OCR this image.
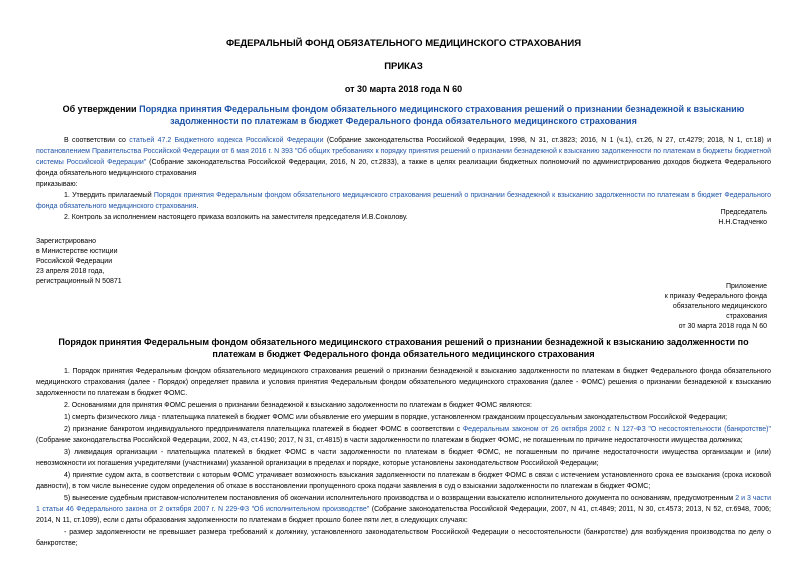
ФЕДЕРАЛЬНЫЙ ФОНД ОБЯЗАТЕЛЬНОГО МЕДИЦИНСКОГО СТРАХОВАНИЯ
ПРИКАЗ
от 30 марта 2018 года N 60
Об утверждении Порядка принятия Федеральным фондом обязательного медицинского страхования решений о признании безнадежной к взысканию задолженности по платежам в бюджет Федерального фонда обязательного медицинского страхования

В соответствии со статьей 47.2 Бюджетного кодекса Российской Федерации (Собрание законодательства Российской Федерации, 1998, N 31, ст.3823; 2016, N 1 (ч.1), ст.26, N 27, ст.4279; 2018, N 1, ст.18) и постановлением Правительства Российской Федерации от 6 мая 2016 г. N 393 "Об общих требованиях к порядку принятия решений о признании безнадежной к взысканию задолженности по платежам в бюджеты бюджетной системы Российской Федерации" (Собрание законодательства Российской Федерации, 2016, N 20, ст.2833), а также в целях реализации бюджетных полномочий по администрированию доходов бюджета Федерального фонда обязательного медицинского страхования

приказываю:

1. Утвердить прилагаемый Порядок принятия Федеральным фондом обязательного медицинского страхования решений о признании безнадежной к взысканию задолженности по платежам в бюджет Федерального фонда обязательного медицинского страхования.

2. Контроль за исполнением настоящего приказа возложить на заместителя председателя И.В.Соколову.

Председатель
Н.Н.Стадченко
Зарегистрировано
в Министерстве юстиции
Российской Федерации
23 апреля 2018 года,
регистрационный N 50871
Приложение
к приказу Федерального фонда
обязательного медицинского
страхования
от 30 марта 2018 года N 60
Порядок принятия Федеральным фондом обязательного медицинского страхования решений о признании безнадежной к взысканию задолженности по платежам в бюджет Федерального фонда обязательного медицинского страхования

1. Порядок принятия Федеральным фондом обязательного медицинского страхования решений о признании безнадежной к взысканию задолженности по платежам в бюджет Федерального фонда обязательного медицинского страхования (далее - Порядок) определяет правила и условия принятия Федеральным фондом обязательного медицинского страхования (далее - ФОМС) решения о признании безнадежной к взысканию задолженности по платежам в бюджет ФОМС.

2. Основаниями для принятия ФОМС решения о признании безнадежной к взысканию задолженности по платежам в бюджет ФОМС являются:

1) смерть физического лица - плательщика платежей в бюджет ФОМС или объявление его умершим в порядке, установленном гражданским процессуальным законодательством Российской Федерации;

2) признание банкротом индивидуального предпринимателя плательщика платежей в бюджет ФОМС в соответствии с Федеральным законом от 26 октября 2002 г. N 127-ФЗ "О несостоятельности (банкротстве)" (Собрание законодательства Российской Федерации, 2002, N 43, ст.4190; 2017, N 31, ст.4815) в части задолженности по платежам в бюджет ФОМС, не погашенным по причине недостаточности имущества должника;

3) ликвидация организации - плательщика платежей в бюджет ФОМС в части задолженности по платежам в бюджет ФОМС, не погашенным по причине недостаточности имущества организации и (или) невозможности их погашения учредителями (участниками) указанной организации в пределах и порядке, которые установлены законодательством Российской Федерации;

4) принятие судом акта, в соответствии с которым ФОМС утрачивает возможность взыскания задолженности по платежам в бюджет ФОМС в связи с истечением установленного срока ее взыскания (срока исковой давности), в том числе вынесение судом определения об отказе в восстановлении пропущенного срока подачи заявления в суд о взыскании задолженности по платежам в бюджет ФОМС;

5) вынесение судебным приставом-исполнителем постановления об окончании исполнительного производства и о возвращении взыскателю исполнительного документа по основаниям, предусмотренным 2 и 3 части 1 статьи 46 Федерального закона от 2 октября 2007 г. N 229-ФЗ "Об исполнительном производстве" (Собрание законодательства Российской Федерации, 2007, N 41, ст.4849; 2011, N 30, ст.4573; 2013, N 52, ст.6948, 7006; 2014, N 11, ст.1099), если с даты образования задолженности по платежам в бюджет прошло более пяти лет, в следующих случаях:

- размер задолженности не превышает размера требований к должнику, установленного законодательством Российской Федерации о несостоятельности (банкротстве) для возбуждения производства по делу о банкротстве;
